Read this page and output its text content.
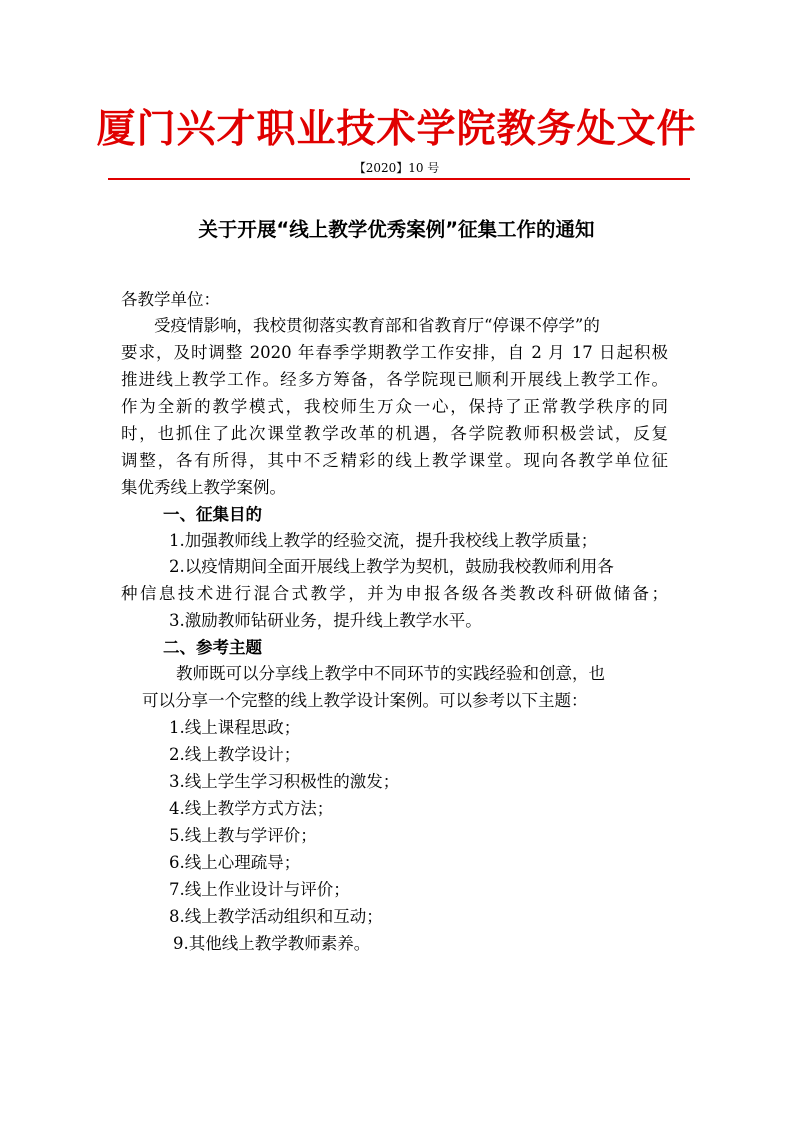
厦门兴才职业技术学院教务处文件
【2020】10 号
关于开展“线上教学优秀案例”征集工作的通知
各教学单位：
受疫情影响，我校贯彻落实教育部和省教育厅“停课不停学”的
要求，及时调整 2020 年春季学期教学工作安排，自 2 月 17 日起积极
推进线上教学工作。经多方筹备，各学院现已顺利开展线上教学工作。
作为全新的教学模式，我校师生万众一心，保持了正常教学秩序的同
时，也抓住了此次课堂教学改革的机遇，各学院教师积极尝试，反复
调整，各有所得，其中不乏精彩的线上教学课堂。现向各教学单位征
集优秀线上教学案例。
一、征集目的
1.加强教师线上教学的经验交流，提升我校线上教学质量；
2.以疫情期间全面开展线上教学为契机，鼓励我校教师利用各
种信息技术进行混合式教学，并为申报各级各类教改科研做储备；
3.激励教师钻研业务，提升线上教学水平。
二、参考主题
教师既可以分享线上教学中不同环节的实践经验和创意，也
可以分享一个完整的线上教学设计案例。可以参考以下主题：
1.线上课程思政；
2.线上教学设计；
3.线上学生学习积极性的激发；
4.线上教学方式方法；
5.线上教与学评价；
6.线上心理疏导；
7.线上作业设计与评价；
8.线上教学活动组织和互动；
9.其他线上教学教师素养。
